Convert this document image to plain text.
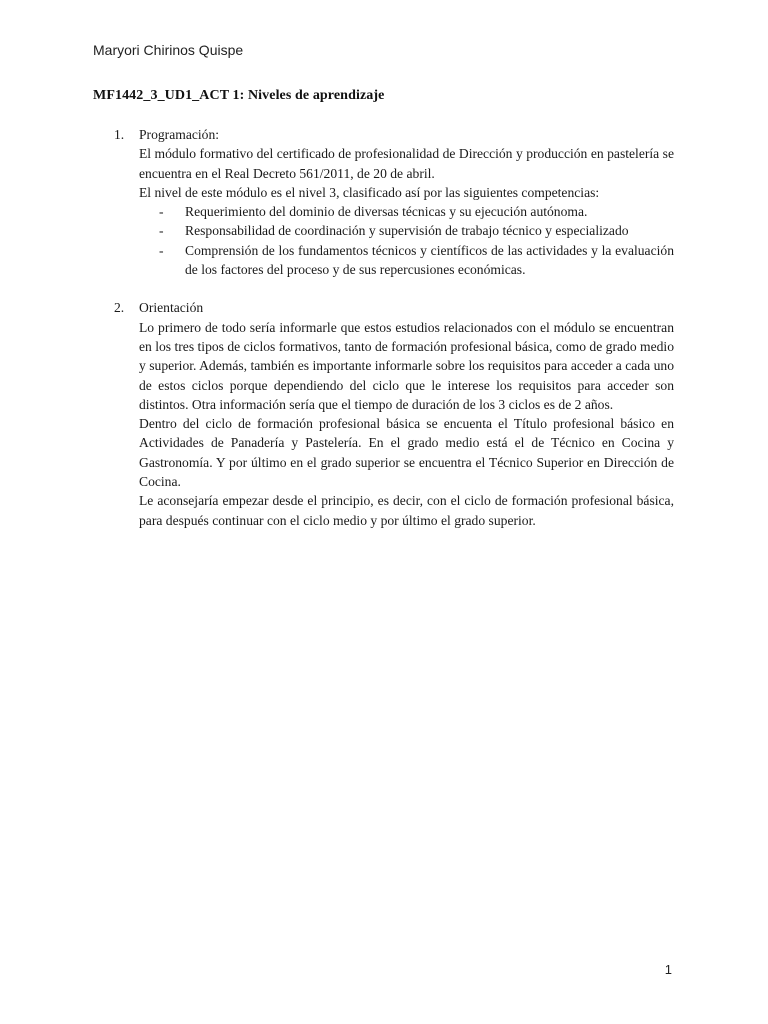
Maryori Chirinos Quispe
MF1442_3_UD1_ACT 1: Niveles de aprendizaje
1. Programación:

El módulo formativo del certificado de profesionalidad de Dirección y producción en pastelería se encuentra en el Real Decreto 561/2011, de 20 de abril.

El nivel de este módulo es el nivel 3, clasificado así por las siguientes competencias:

- Requerimiento del dominio de diversas técnicas y su ejecución autónoma.
- Responsabilidad de coordinación y supervisión de trabajo técnico y especializado
- Comprensión de los fundamentos técnicos y científicos de las actividades y la evaluación de los factores del proceso y de sus repercusiones económicas.
2. Orientación

Lo primero de todo sería informarle que estos estudios relacionados con el módulo se encuentran en los tres tipos de ciclos formativos, tanto de formación profesional básica, como de grado medio y superior. Además, también es importante informarle sobre los requisitos para acceder a cada uno de estos ciclos porque dependiendo del ciclo que le interese los requisitos para acceder son distintos. Otra información sería que el tiempo de duración de los 3 ciclos es de 2 años.

Dentro del ciclo de formación profesional básica se encuenta el Título profesional básico en Actividades de Panadería y Pastelería. En el grado medio está el de Técnico en Cocina y Gastronomía. Y por último en el grado superior se encuentra el Técnico Superior en Dirección de Cocina.

Le aconsejaría empezar desde el principio, es decir, con el ciclo de formación profesional básica, para después continuar con el ciclo medio y por último el grado superior.

1
